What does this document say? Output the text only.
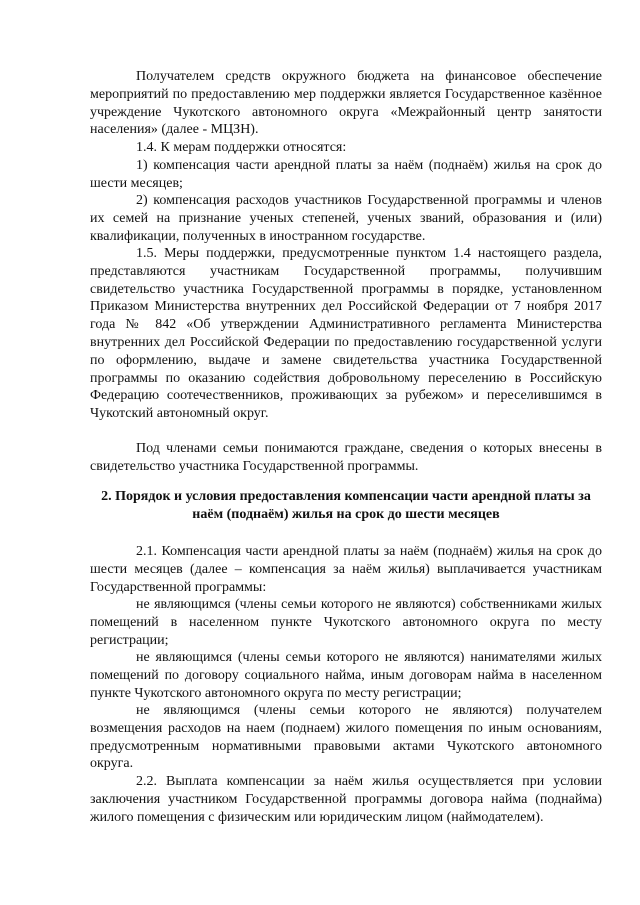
Получателем средств окружного бюджета на финансовое обеспечение мероприятий по предоставлению мер поддержки является Государственное казённое учреждение Чукотского автономного округа «Межрайонный центр занятости населения» (далее - МЦЗН).

1.4. К мерам поддержки относятся:

1) компенсация части арендной платы за наём (поднаём) жилья на срок до шести месяцев;

2) компенсация расходов участников Государственной программы и членов их семей на признание ученых степеней, ученых званий, образования и (или) квалификации, полученных в иностранном государстве.

1.5. Меры поддержки, предусмотренные пунктом 1.4 настоящего раздела, представляются участникам Государственной программы, получившим свидетельство участника Государственной программы в порядке, установленном Приказом Министерства внутренних дел Российской Федерации от 7 ноября 2017 года № 842 «Об утверждении Административного регламента Министерства внутренних дел Российской Федерации по предоставлению государственной услуги по оформлению, выдаче и замене свидетельства участника Государственной программы по оказанию содействия добровольному переселению в Российскую Федерацию соотечественников, проживающих за рубежом» и переселившимся в Чукотский автономный округ.

Под членами семьи понимаются граждане, сведения о которых внесены в свидетельство участника Государственной программы.

2. Порядок и условия предоставления компенсации части арендной платы за наём (поднаём) жилья на срок до шести месяцев

2.1. Компенсация части арендной платы за наём (поднаём) жилья на срок до шести месяцев (далее – компенсация за наём жилья) выплачивается участникам Государственной программы:

не являющимся (члены семьи которого не являются) собственниками жилых помещений в населенном пункте Чукотского автономного округа по месту регистрации;

не являющимся (члены семьи которого не являются) нанимателями жилых помещений по договору социального найма, иным договорам найма в населенном пункте Чукотского автономного округа по месту регистрации;

не являющимся (члены семьи которого не являются) получателем возмещения расходов на наем (поднаем) жилого помещения по иным основаниям, предусмотренным нормативными правовыми актами Чукотского автономного округа.

2.2. Выплата компенсации за наём жилья осуществляется при условии заключения участником Государственной программы договора найма (поднайма) жилого помещения с физическим или юридическим лицом (наймодателем).
